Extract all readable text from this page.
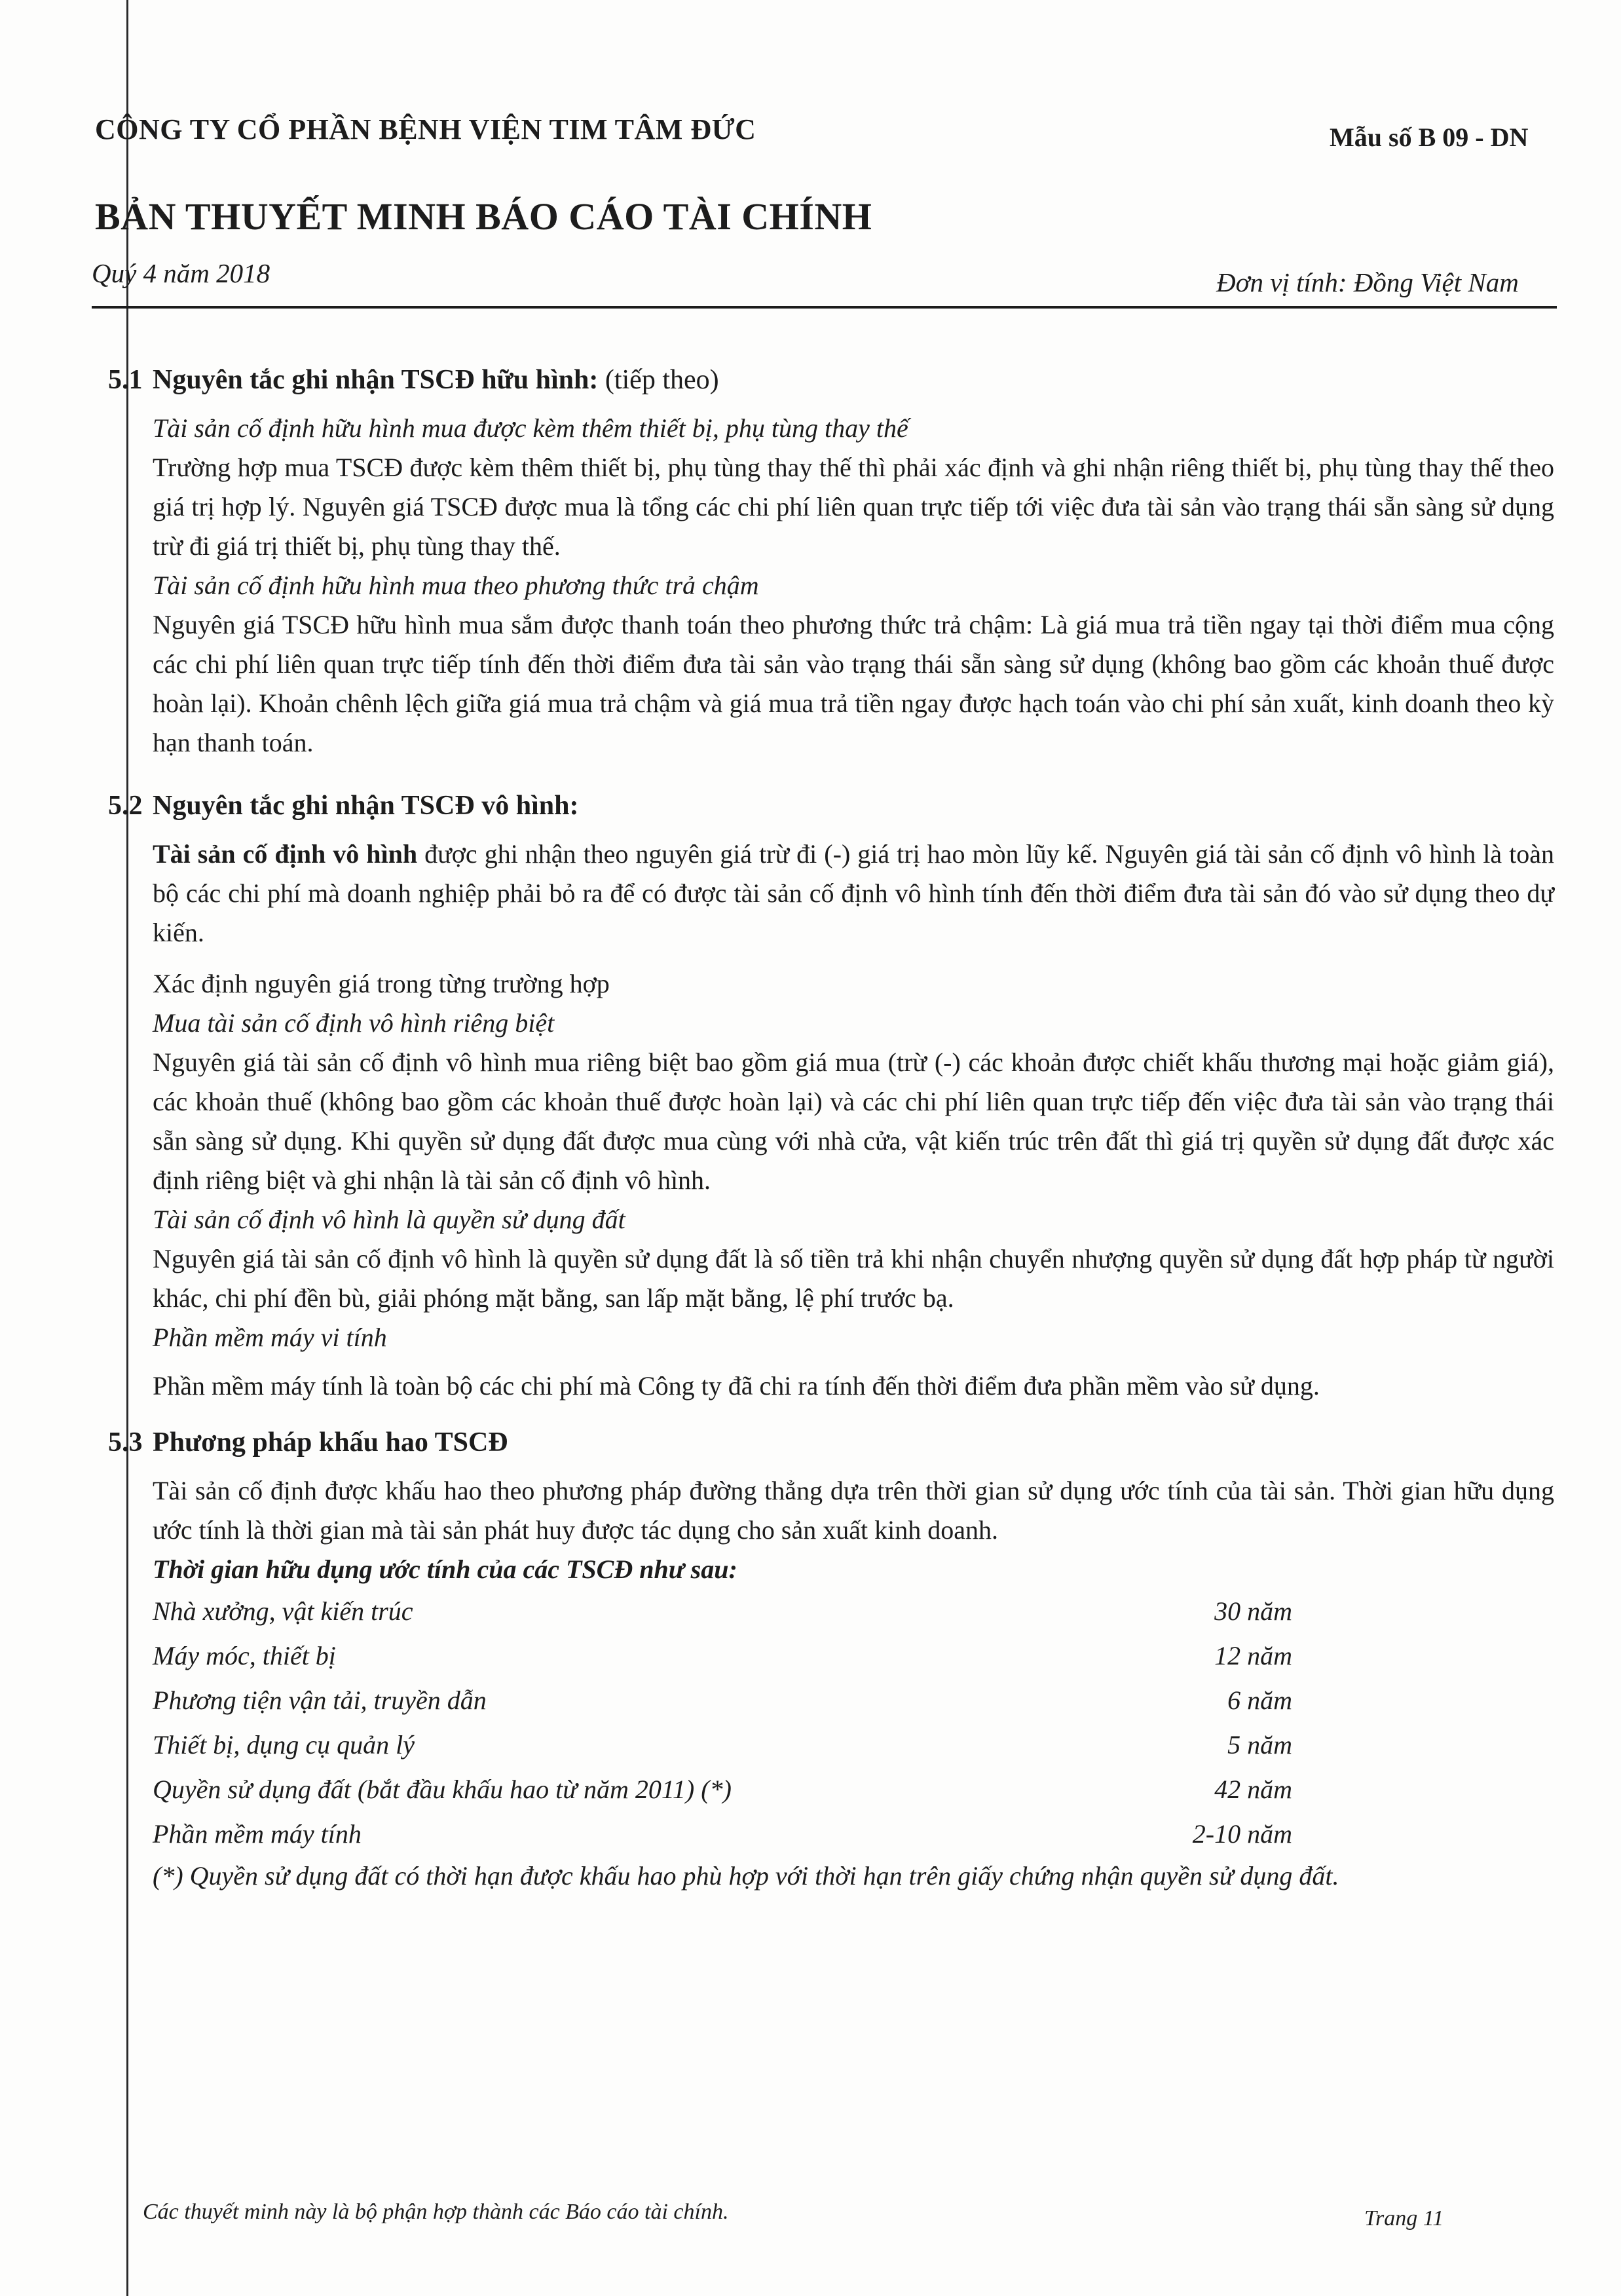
CÔNG TY CỔ PHẦN BỆNH VIỆN TIM TÂM ĐỨC	Mẫu số B 09 - DN
BẢN THUYẾT MINH BÁO CÁO TÀI CHÍNH
Quý 4 năm 2018	Đơn vị tính: Đồng Việt Nam
5.1 Nguyên tắc ghi nhận TSCĐ hữu hình: (tiếp theo)

Tài sản cố định hữu hình mua được kèm thêm thiết bị, phụ tùng thay thế

Trường hợp mua TSCĐ được kèm thêm thiết bị, phụ tùng thay thế thì phải xác định và ghi nhận riêng thiết bị, phụ tùng thay thế theo giá trị hợp lý. Nguyên giá TSCĐ được mua là tổng các chi phí liên quan trực tiếp tới việc đưa tài sản vào trạng thái sẵn sàng sử dụng trừ đi giá trị thiết bị, phụ tùng thay thế.

Tài sản cố định hữu hình mua theo phương thức trả chậm

Nguyên giá TSCĐ hữu hình mua sắm được thanh toán theo phương thức trả chậm: Là giá mua trả tiền ngay tại thời điểm mua cộng các chi phí liên quan trực tiếp tính đến thời điểm đưa tài sản vào trạng thái sẵn sàng sử dụng (không bao gồm các khoản thuế được hoàn lại). Khoản chênh lệch giữa giá mua trả chậm và giá mua trả tiền ngay được hạch toán vào chi phí sản xuất, kinh doanh theo kỳ hạn thanh toán.

5.2 Nguyên tắc ghi nhận TSCĐ vô hình:

Tài sản cố định vô hình được ghi nhận theo nguyên giá trừ đi (-) giá trị hao mòn lũy kế. Nguyên giá tài sản cố định vô hình là toàn bộ các chi phí mà doanh nghiệp phải bỏ ra để có được tài sản cố định vô hình tính đến thời điểm đưa tài sản đó vào sử dụng theo dự kiến.

Xác định nguyên giá trong từng trường hợp

Mua tài sản cố định vô hình riêng biệt

Nguyên giá tài sản cố định vô hình mua riêng biệt bao gồm giá mua (trừ (-) các khoản được chiết khấu thương mại hoặc giảm giá), các khoản thuế (không bao gồm các khoản thuế được hoàn lại) và các chi phí liên quan trực tiếp đến việc đưa tài sản vào trạng thái sẵn sàng sử dụng. Khi quyền sử dụng đất được mua cùng với nhà cửa, vật kiến trúc trên đất thì giá trị quyền sử dụng đất được xác định riêng biệt và ghi nhận là tài sản cố định vô hình.

Tài sản cố định vô hình là quyền sử dụng đất

Nguyên giá tài sản cố định vô hình là quyền sử dụng đất là số tiền trả khi nhận chuyển nhượng quyền sử dụng đất hợp pháp từ người khác, chi phí đền bù, giải phóng mặt bằng, san lấp mặt bằng, lệ phí trước bạ.

Phần mềm máy vi tính

Phần mềm máy tính là toàn bộ các chi phí mà Công ty đã chi ra tính đến thời điểm đưa phần mềm vào sử dụng.

5.3 Phương pháp khấu hao TSCĐ

Tài sản cố định được khấu hao theo phương pháp đường thẳng dựa trên thời gian sử dụng ước tính của tài sản. Thời gian hữu dụng ước tính là thời gian mà tài sản phát huy được tác dụng cho sản xuất kinh doanh.

Thời gian hữu dụng ước tính của các TSCĐ như sau:

Nhà xưởng, vật kiến trúc	30 năm
Máy móc, thiết bị	12 năm
Phương tiện vận tải, truyền dẫn	6 năm
Thiết bị, dụng cụ quản lý	5 năm
Quyền sử dụng đất (bắt đầu khấu hao từ năm 2011) (*)	42 năm
Phần mềm máy tính	2-10 năm

(*) Quyền sử dụng đất có thời hạn được khấu hao phù hợp với thời hạn trên giấy chứng nhận quyền sử dụng đất.

Các thuyết minh này là bộ phận hợp thành các Báo cáo tài chính.	Trang 11
